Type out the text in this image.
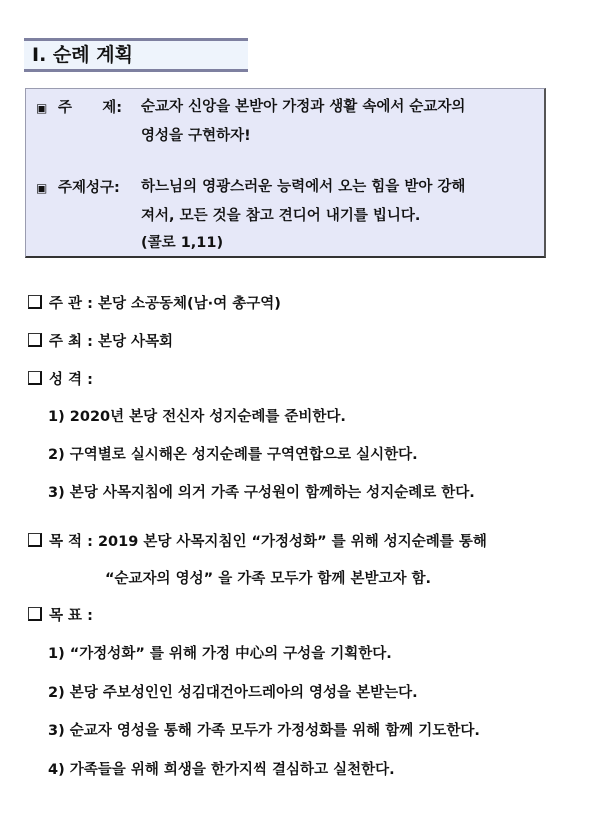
Ⅰ. 순례 계획
▣ 주      제: 순교자 신앙을 본받아 가정과 생활 속에서 순교자의
영성을 구현하자!
▣ 주제성구: 하느님의 영광스러운 능력에서 오는 힘을 받아 강해
져서, 모든 것을 참고 견디어 내기를 빕니다.
(콜로 1,11)
주 관 : 본당 소공동체(남·여 총구역)
주 최 : 본당 사목회
성 격 :
1) 2020년 본당 전신자 성지순례를 준비한다.
2) 구역별로 실시해온 성지순례를 구역연합으로 실시한다.
3) 본당 사목지침에 의거 가족 구성원이 함께하는 성지순례로 한다.
목 적 : 2019 본당 사목지침인 “가정성화” 를 위해 성지순례를 통해
“순교자의 영성” 을 가족 모두가 함께 본받고자 함.
목 표 :
1) “가정성화” 를 위해 가정 中心의 구성을 기획한다.
2) 본당 주보성인인 성김대건아드레아의 영성을 본받는다.
3) 순교자 영성을 통해 가족 모두가 가정성화를 위해 함께 기도한다.
4) 가족들을 위해 희생을 한가지씩 결심하고 실천한다.
